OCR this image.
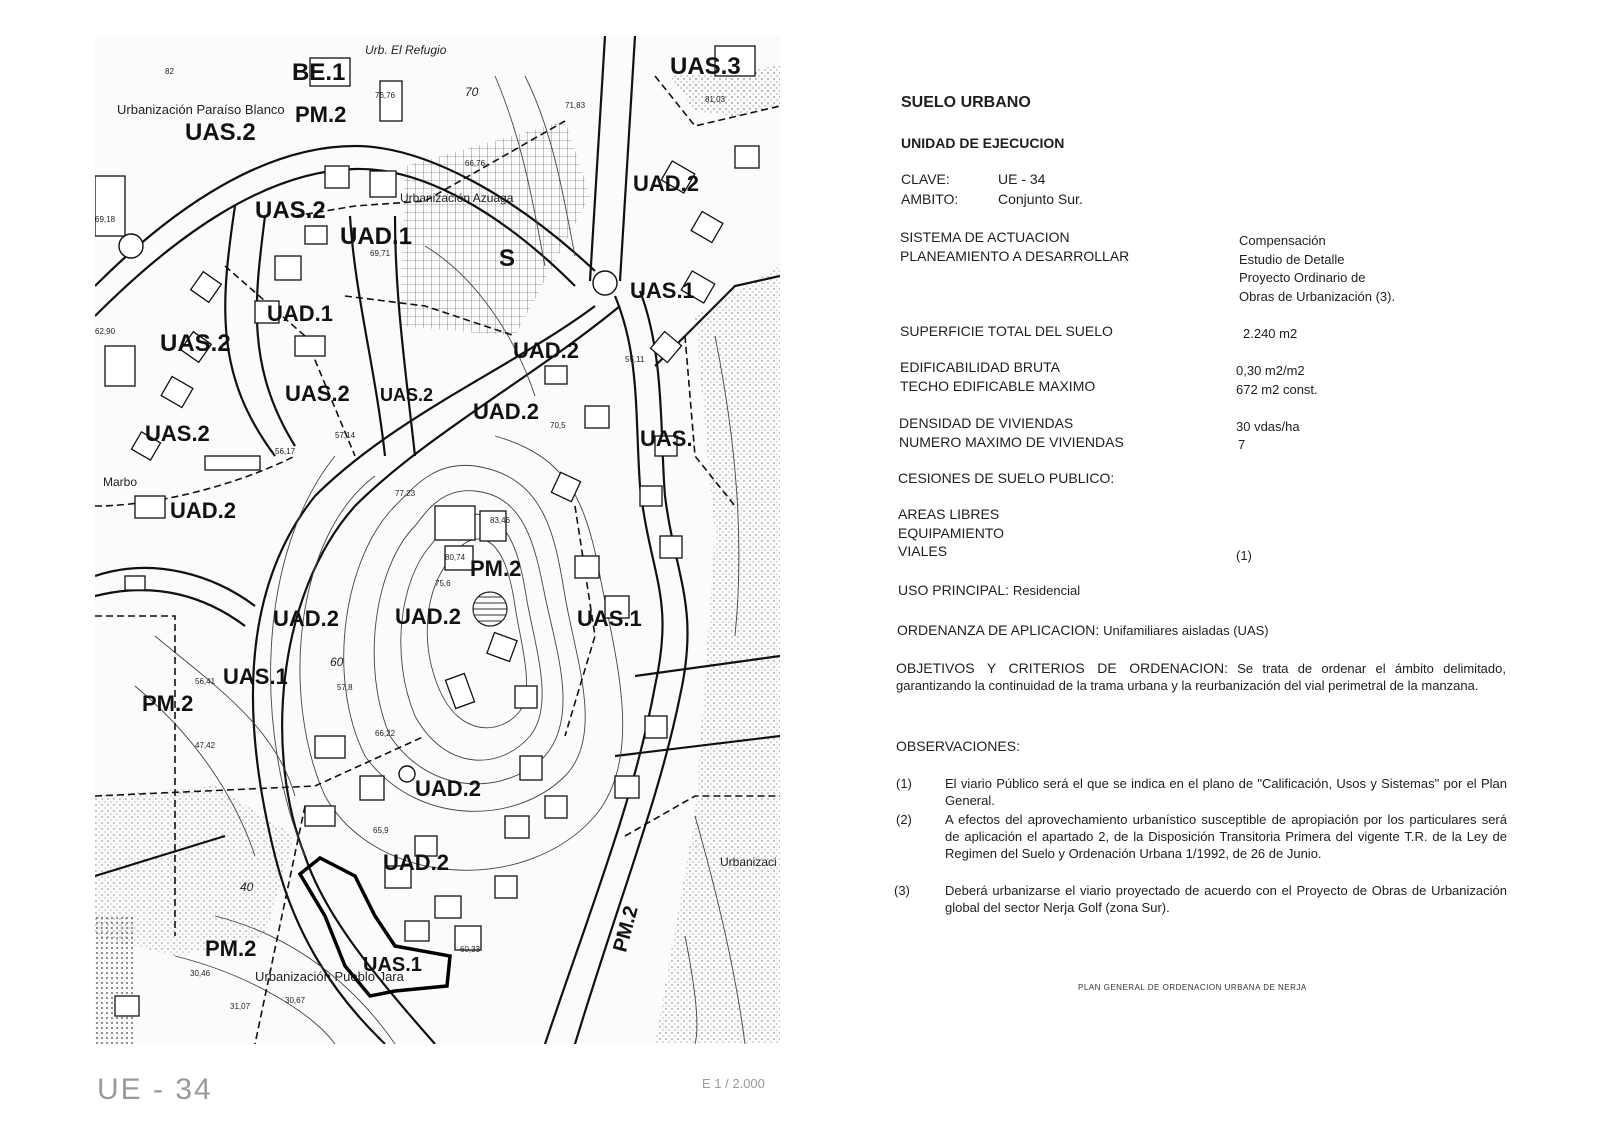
BE.1
UAS.2
UAS.2
UAD.1
UAS.3
UAD.2
UAS.1
UAS.2
UAD.1
UAS.2 UAS.2
UAS.2
UAD.2
UAD.2
UAS.
UAD.2
PM.2
UAD.2	UAD.2	UAS.1
UAS.1
PM.2
PM.2
UAD.2
UAD.2
UAS.1
PM.2
S
PM.2
Urb. El Refugio
Urbanización Paraíso Blanco
Urbanización Azuaga
Urbanización Pueblo Jara
Urbanizaci
Marbo
82
76,76
71,83
81,03
66,76
69,18
69,71
62,90
57,14
56,17
55,11
70,5
77,23
83,46
80,74
75,6
56,41
57,8
47,42
66,22
65,9
30,46
31,07
30,67
60,33
40
60
70
UE - 34	E 1 / 2.000
SUELO URBANO
UNIDAD DE EJECUCION
CLAVE:	UE - 34
AMBITO:	Conjunto Sur.
SISTEMA DE ACTUACION	Compensación
PLANEAMIENTO A DESARROLLAR	Estudio de Detalle
Proyecto Ordinario de
Obras de Urbanización (3).
SUPERFICIE TOTAL DEL SUELO	2.240 m2
EDIFICABILIDAD BRUTA	0,30 m2/m2
TECHO EDIFICABLE MAXIMO	672 m2 const.
DENSIDAD DE VIVIENDAS	30 vdas/ha
NUMERO MAXIMO DE VIVIENDAS	7
CESIONES DE SUELO PUBLICO:
AREAS LIBRES
EQUIPAMIENTO
VIALES	(1)
USO PRINCIPAL: Residencial
ORDENANZA DE APLICACION: Unifamiliares aisladas (UAS)
OBJETIVOS Y CRITERIOS DE ORDENACION: Se trata de ordenar el ámbito delimitado, garantizando la continuidad de la trama urbana y la reurbanización del vial perimetral de la manzana.
OBSERVACIONES:
(1)	El viario Público será el que se indica en el plano de "Calificación, Usos y Sistemas" por el Plan General.
(2)	A efectos del aprovechamiento urbanístico susceptible de apropiación por los particulares será de aplicación el apartado 2, de la Disposición Transitoria Primera del vigente T.R. de la Ley de Regimen del Suelo y Ordenación Urbana 1/1992, de 26 de Junio.
(3)	Deberá urbanizarse el viario proyectado de acuerdo con el Proyecto de Obras de Urbanización global del sector Nerja Golf (zona Sur).
PLAN GENERAL DE ORDENACION URBANA DE NERJA
